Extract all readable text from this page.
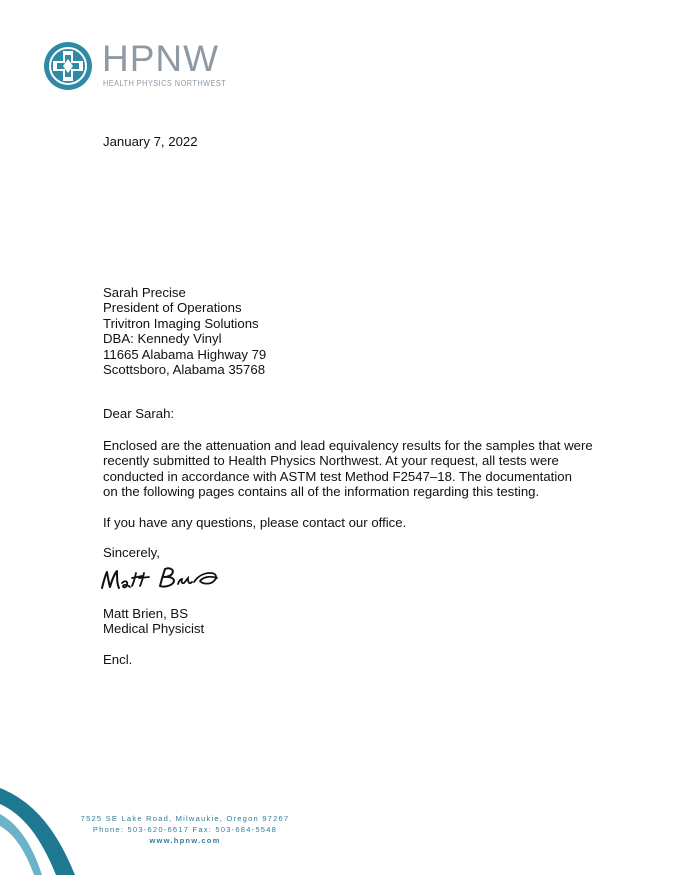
HPNW
HEALTH PHYSICS NORTHWEST
January 7, 2022
Sarah Precise
President of Operations
Trivitron Imaging Solutions
DBA: Kennedy Vinyl
11665 Alabama Highway 79
Scottsboro, Alabama 35768
Dear Sarah:
Enclosed are the attenuation and lead equivalency results for the samples that were
recently submitted to Health Physics Northwest. At your request, all tests were
conducted in accordance with ASTM test Method F2547–18. The documentation
on the following pages contains all of the information regarding this testing.
If you have any questions, please contact our office.
Sincerely,
Matt Brien, BS
Medical Physicist
Encl.
7525 SE Lake Road, Milwaukie, Oregon 97267
Phone: 503-620-6617 Fax: 503-684-5548
www.hpnw.com
